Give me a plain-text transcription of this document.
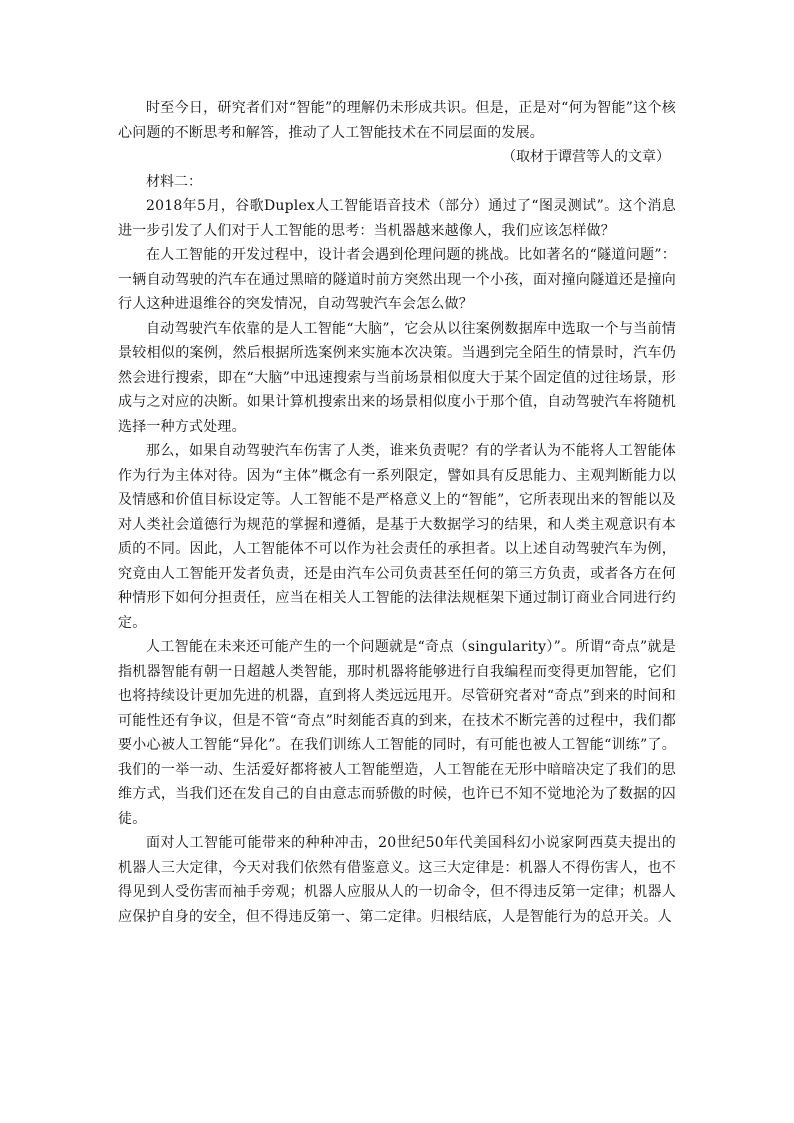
时至今日，研究者们对“智能”的理解仍未形成共识。但是，正是对“何为智能”这个核心问题的不断思考和解答，推动了人工智能技术在不同层面的发展。

（取材于谭营等人的文章）

材料二：

2018年5月，谷歌Duplex人工智能语音技术（部分）通过了“图灵测试”。这个消息进一步引发了人们对于人工智能的思考：当机器越来越像人，我们应该怎样做？

在人工智能的开发过程中，设计者会遇到伦理问题的挑战。比如著名的“隧道问题”：一辆自动驾驶的汽车在通过黑暗的隧道时前方突然出现一个小孩，面对撞向隧道还是撞向行人这种进退维谷的突发情况，自动驾驶汽车会怎么做？

自动驾驶汽车依靠的是人工智能“大脑”，它会从以往案例数据库中选取一个与当前情景较相似的案例，然后根据所选案例来实施本次决策。当遇到完全陌生的情景时，汽车仍然会进行搜索，即在“大脑”中迅速搜索与当前场景相似度大于某个固定值的过往场景，形成与之对应的决断。如果计算机搜索出来的场景相似度小于那个值，自动驾驶汽车将随机选择一种方式处理。

那么，如果自动驾驶汽车伤害了人类，谁来负责呢？有的学者认为不能将人工智能体作为行为主体对待。因为“主体”概念有一系列限定，譬如具有反思能力、主观判断能力以及情感和价值目标设定等。人工智能不是严格意义上的“智能”，它所表现出来的智能以及对人类社会道德行为规范的掌握和遵循，是基于大数据学习的结果，和人类主观意识有本质的不同。因此，人工智能体不可以作为社会责任的承担者。以上述自动驾驶汽车为例，究竟由人工智能开发者负责，还是由汽车公司负责甚至任何的第三方负责，或者各方在何种情形下如何分担责任，应当在相关人工智能的法律法规框架下通过制订商业合同进行约定。

人工智能在未来还可能产生的一个问题就是“奇点（singularity）”。所谓“奇点”就是指机器智能有朝一日超越人类智能，那时机器将能够进行自我编程而变得更加智能，它们也将持续设计更加先进的机器，直到将人类远远甩开。尽管研究者对“奇点”到来的时间和可能性还有争议，但是不管“奇点”时刻能否真的到来，在技术不断完善的过程中，我们都要小心被人工智能“异化”。在我们训练人工智能的同时，有可能也被人工智能“训练”了。我们的一举一动、生活爱好都将被人工智能塑造，人工智能在无形中暗暗决定了我们的思维方式，当我们还在发自己的自由意志而骄傲的时候，也许已不知不觉地沦为了数据的囚徒。

面对人工智能可能带来的种种冲击，20世纪50年代美国科幻小说家阿西莫夫提出的机器人三大定律，今天对我们依然有借鉴意义。这三大定律是：机器人不得伤害人，也不得见到人受伤害而袖手旁观；机器人应服从人的一切命令，但不得违反第一定律；机器人应保护自身的安全，但不得违反第一、第二定律。归根结底，人是智能行为的总开关。人
